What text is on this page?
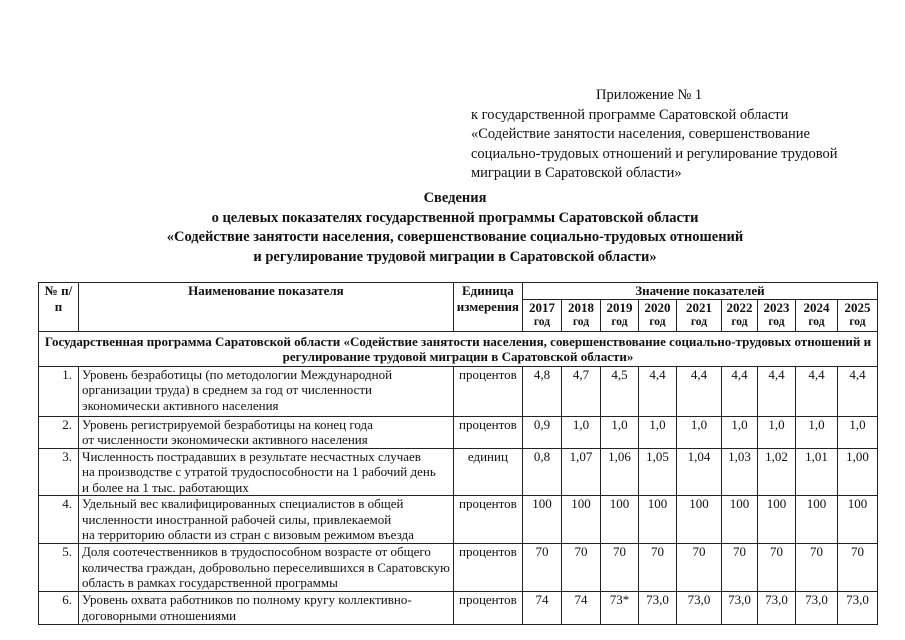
Приложение № 1
к государственной программе Саратовской области
«Содействие занятости населения, совершенствование
социально-трудовых отношений и регулирование трудовой
миграции в Саратовской области»
Сведения
о целевых показателях государственной программы Саратовской области
«Содействие занятости населения, совершенствование социально-трудовых отношений
и регулирование трудовой миграции в Саратовской области»
№ п/п	Наименование показателя	Единица измерения	Значение показателей								
			2017	2018	2019	2020	2021	2022	2023	2024	2025
			год	год	год	год	год	год	год	год	год
Государственная программа Саратовской области «Содействие занятости населения, совершенствование социально-трудовых отношений и регулирование трудовой миграции в Саратовской области»											
1.	Уровень безработицы (по методологии Международной
организации труда) в среднем за год от численности
экономически активного населения	процентов	4,8	4,7	4,5	4,4	4,4	4,4	4,4	4,4	4,4
2.	Уровень регистрируемой безработицы на конец года
от численности экономически активного населения	процентов	0,9	1,0	1,0	1,0	1,0	1,0	1,0	1,0	1,0
3.	Численность пострадавших в результате несчастных случаев
на производстве с утратой трудоспособности на 1 рабочий день
и более на 1 тыс. работающих	единиц	0,8	1,07	1,06	1,05	1,04	1,03	1,02	1,01	1,00
4.	Удельный вес квалифицированных специалистов в общей
численности иностранной рабочей силы, привлекаемой
на территорию области из стран с визовым режимом въезда	процентов	100	100	100	100	100	100	100	100	100
5.	Доля соотечественников в трудоспособном возрасте от общего
количества граждан, добровольно переселившихся в Саратовскую
область в рамках государственной программы	процентов	70	70	70	70	70	70	70	70	70
6.	Уровень охвата работников по полному кругу коллективно-
договорными отношениями	процентов	74	74	73*	73,0	73,0	73,0	73,0	73,0	73,0
